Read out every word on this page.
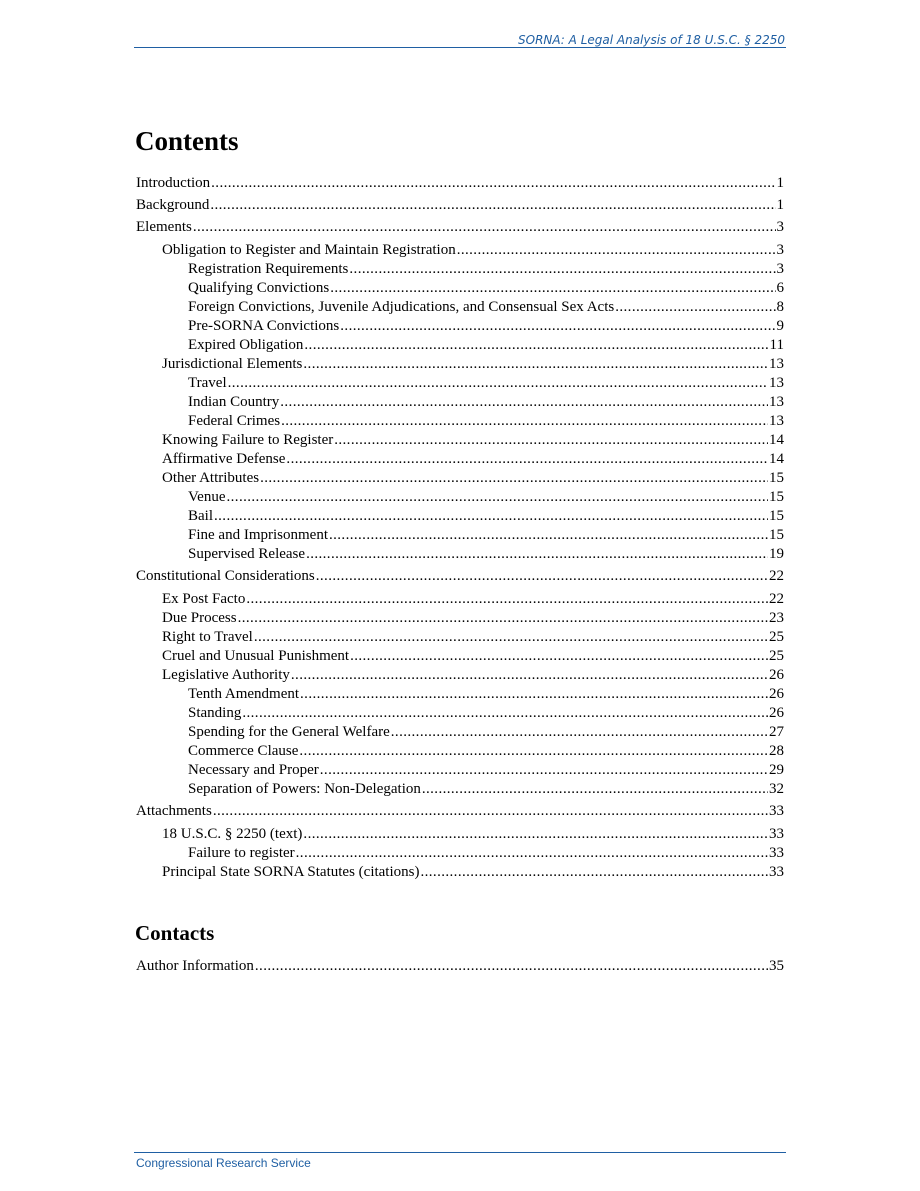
SORNA: A Legal Analysis of 18 U.S.C. § 2250
Contents
Introduction .....	1
Background .....	1
Elements .....	3
Obligation to Register and Maintain Registration .....	3
Registration Requirements .....	3
Qualifying Convictions .....	6
Foreign Convictions, Juvenile Adjudications, and Consensual Sex Acts .....	8
Pre-SORNA Convictions .....	9
Expired Obligation .....	11
Jurisdictional Elements .....	13
Travel .....	13
Indian Country .....	13
Federal Crimes .....	13
Knowing Failure to Register .....	14
Affirmative Defense .....	14
Other Attributes .....	15
Venue .....	15
Bail .....	15
Fine and Imprisonment .....	15
Supervised Release .....	19
Constitutional Considerations .....	22
Ex Post Facto .....	22
Due Process .....	23
Right to Travel .....	25
Cruel and Unusual Punishment .....	25
Legislative Authority .....	26
Tenth Amendment .....	26
Standing .....	26
Spending for the General Welfare .....	27
Commerce Clause .....	28
Necessary and Proper .....	29
Separation of Powers: Non-Delegation .....	32
Attachments .....	33
18 U.S.C. § 2250 (text) .....	33
Failure to register .....	33
Principal State SORNA Statutes (citations) .....	33
Contacts
Author Information .....	35
Congressional Research Service
